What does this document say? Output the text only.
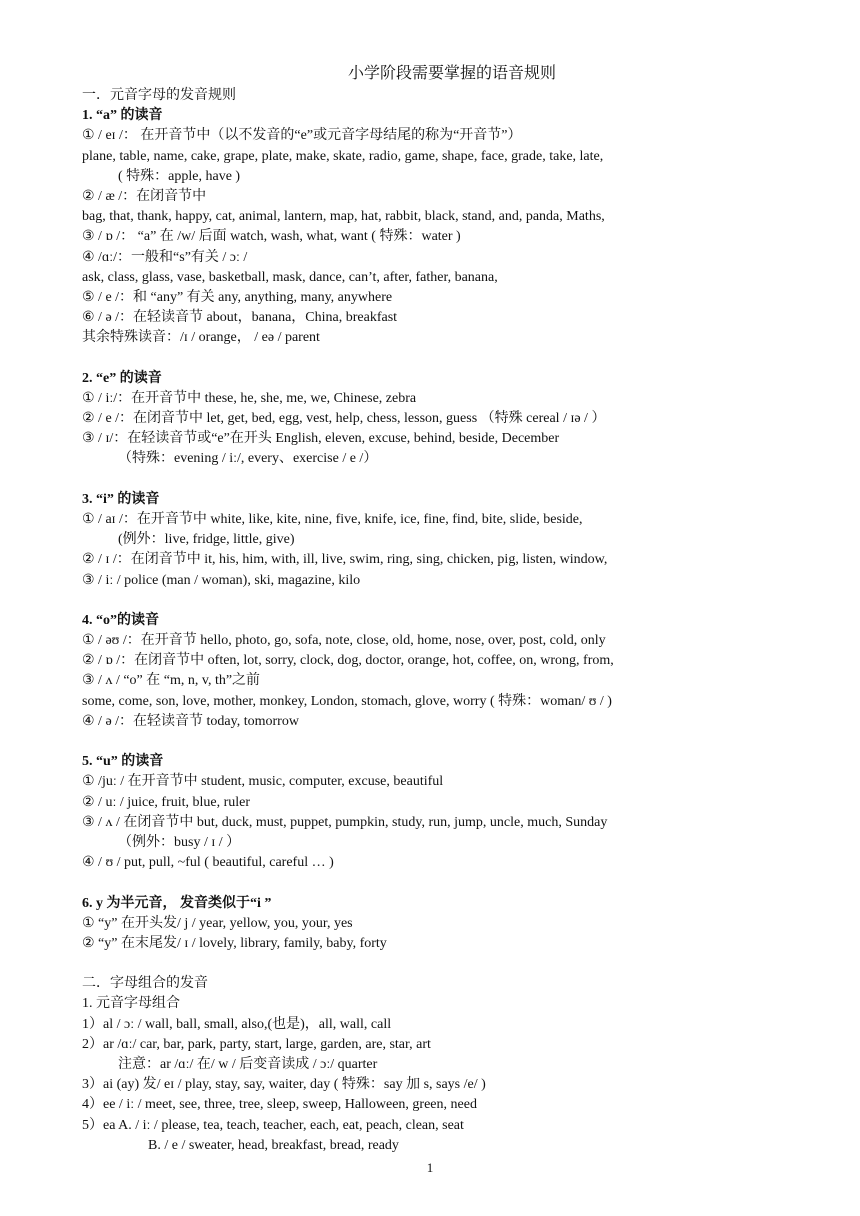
小学阶段需要掌握的语音规则
一．元音字母的发音规则
1. “a” 的读音
① / eɪ /： 在开音节中（以不发音的“e”或元音字母结尾的称为“开音节”）
plane, table, name, cake, grape, plate, make, skate, radio, game, shape, face, grade, take, late,
( 特殊：apple, have )
② / æ /：在闭音节中
bag, that, thank, happy, cat, animal, lantern, map, hat, rabbit, black, stand, and, panda, Maths,
③ / ɒ /： “a” 在 /w/ 后面 watch, wash, what, want ( 特殊：water )
④ /ɑː/：一般和“s”有关 / ɔː /
ask, class, glass, vase, basketball, mask, dance, can’t, after, father, banana,
⑤ / e /：和 “any” 有关 any, anything, many, anywhere
⑥ / ə /：在轻读音节 about，banana，China, breakfast
其余特殊读音：/ɪ / orange， / eə / parent
2. “e” 的读音
① / iː/：在开音节中 these, he, she, me, we, Chinese, zebra
② / e /：在闭音节中 let, get, bed, egg, vest, help, chess, lesson, guess （特殊 cereal / ɪə / ）
③ / ɪ/：在轻读音节或“e”在开头 English, eleven, excuse, behind, beside, December
（特殊：evening / iː/, every、exercise / e /）
3. “i” 的读音
① / aɪ /：在开音节中 white, like, kite, nine, five, knife, ice, fine, find, bite, slide, beside,
(例外：live, fridge, little, give)
② / ɪ /：在闭音节中 it, his, him, with, ill, live, swim, ring, sing, chicken, pig, listen, window,
③ / iː / police (man / woman), ski, magazine, kilo
4. “o”的读音
① / əʊ /：在开音节 hello, photo, go, sofa, note, close, old, home, nose, over, post, cold, only
② / ɒ /：在闭音节中 often, lot, sorry, clock, dog, doctor, orange, hot, coffee, on, wrong, from,
③ / ʌ / “o” 在 “m, n, v, th”之前
some, come, son, love, mother, monkey, London, stomach, glove, worry ( 特殊：woman/ ʊ / )
④ / ə /：在轻读音节 today, tomorrow
5. “u” 的读音
① /juː / 在开音节中 student, music, computer, excuse, beautiful
② / uː / juice, fruit, blue, ruler
③ / ʌ / 在闭音节中 but, duck, must, puppet, pumpkin, study, run, jump, uncle, much, Sunday
（例外：busy / ɪ / ）
④ / ʊ / put, pull, ~ful ( beautiful, careful … )
6. y 为半元音， 发音类似于“i ”
① “y” 在开头发/ j / year, yellow, you, your, yes
② “y” 在末尾发/ ɪ / lovely, library, family, baby, forty
二．字母组合的发音
1. 元音字母组合
1）al / ɔː / wall, ball, small, also,(也是)，all, wall, call
2）ar /ɑː/ car, bar, park, party, start, large, garden, are, star, art
注意：ar /ɑː/ 在/ w / 后变音读成 / ɔː/ quarter
3）ai (ay) 发/ eɪ / play, stay, say, waiter, day ( 特殊：say 加 s, says /e/ )
4）ee / iː / meet, see, three, tree, sleep, sweep, Halloween, green, need
5）ea A. / iː / please, tea, teach, teacher, each, eat, peach, clean, seat
B. / e / sweater, head, breakfast, bread, ready
1
